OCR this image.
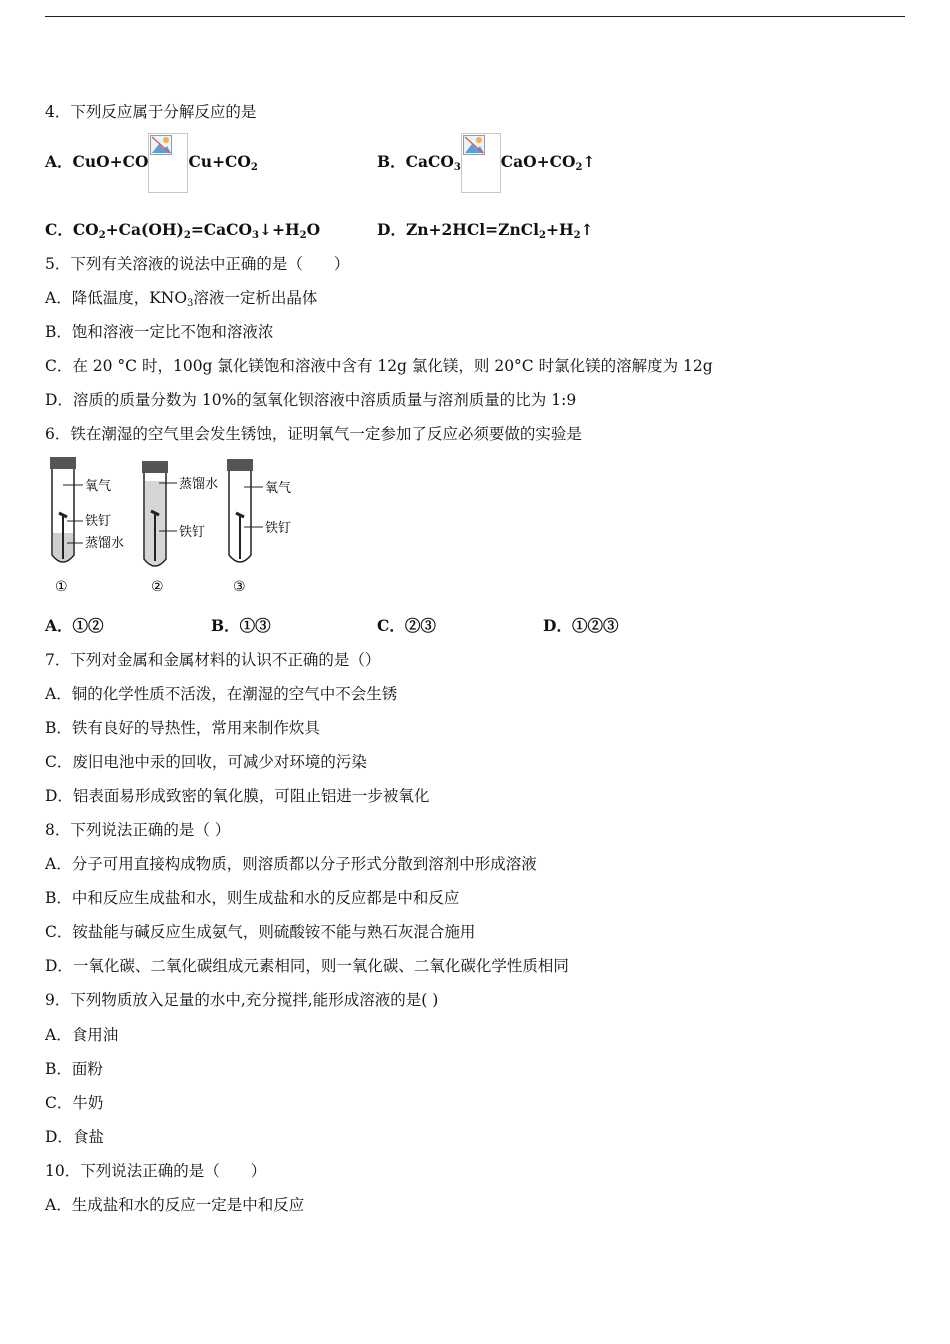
4．下列反应属于分解反应的是
A．CuO+CO	$Cu+CO_2$	B．CaCO$_3$	$CaO+CO_2↑$
C．$CO_2+Ca(OH)_2=CaCO_3↓+H_2O$	D．$Zn+2HCl=ZnCl_2+H_2↑$
5．下列有关溶液的说法中正确的是（　　）
A．降低温度，$KNO_3$溶液一定析出晶体
B．饱和溶液一定比不饱和溶液浓
C．在 20 °C 时，100g 氯化镁饱和溶液中含有 12g 氯化镁，则 20°C 时氯化镁的溶解度为 12g
D．溶质的质量分数为 10%的氢氧化钡溶液中溶质质量与溶剂质量的比为 1:9
6．铁在潮湿的空气里会发生锈蚀，证明氧气一定参加了反应必须要做的实验是
氧气
铁钉
蒸馏水
①
蒸馏水
铁钉
②
氧气
铁钉
③
A．①②	B．①③	C．②③	D．①②③
7．下列对金属和金属材料的认识不正确的是（）
A．铜的化学性质不活泼，在潮湿的空气中不会生锈
B．铁有良好的导热性，常用来制作炊具
C．废旧电池中汞的回收，可减少对环境的污染
D．铝表面易形成致密的氧化膜，可阻止铝进一步被氧化
8．下列说法正确的是（ ）
A．分子可用直接构成物质，则溶质都以分子形式分散到溶剂中形成溶液
B．中和反应生成盐和水，则生成盐和水的反应都是中和反应
C．铵盐能与碱反应生成氨气，则硫酸铵不能与熟石灰混合施用
D．一氧化碳、二氧化碳组成元素相同，则一氧化碳、二氧化碳化学性质相同
9．下列物质放入足量的水中,充分搅拌,能形成溶液的是( )
A．食用油
B．面粉
C．牛奶
D．食盐
10．下列说法正确的是（　　）
A．生成盐和水的反应一定是中和反应
